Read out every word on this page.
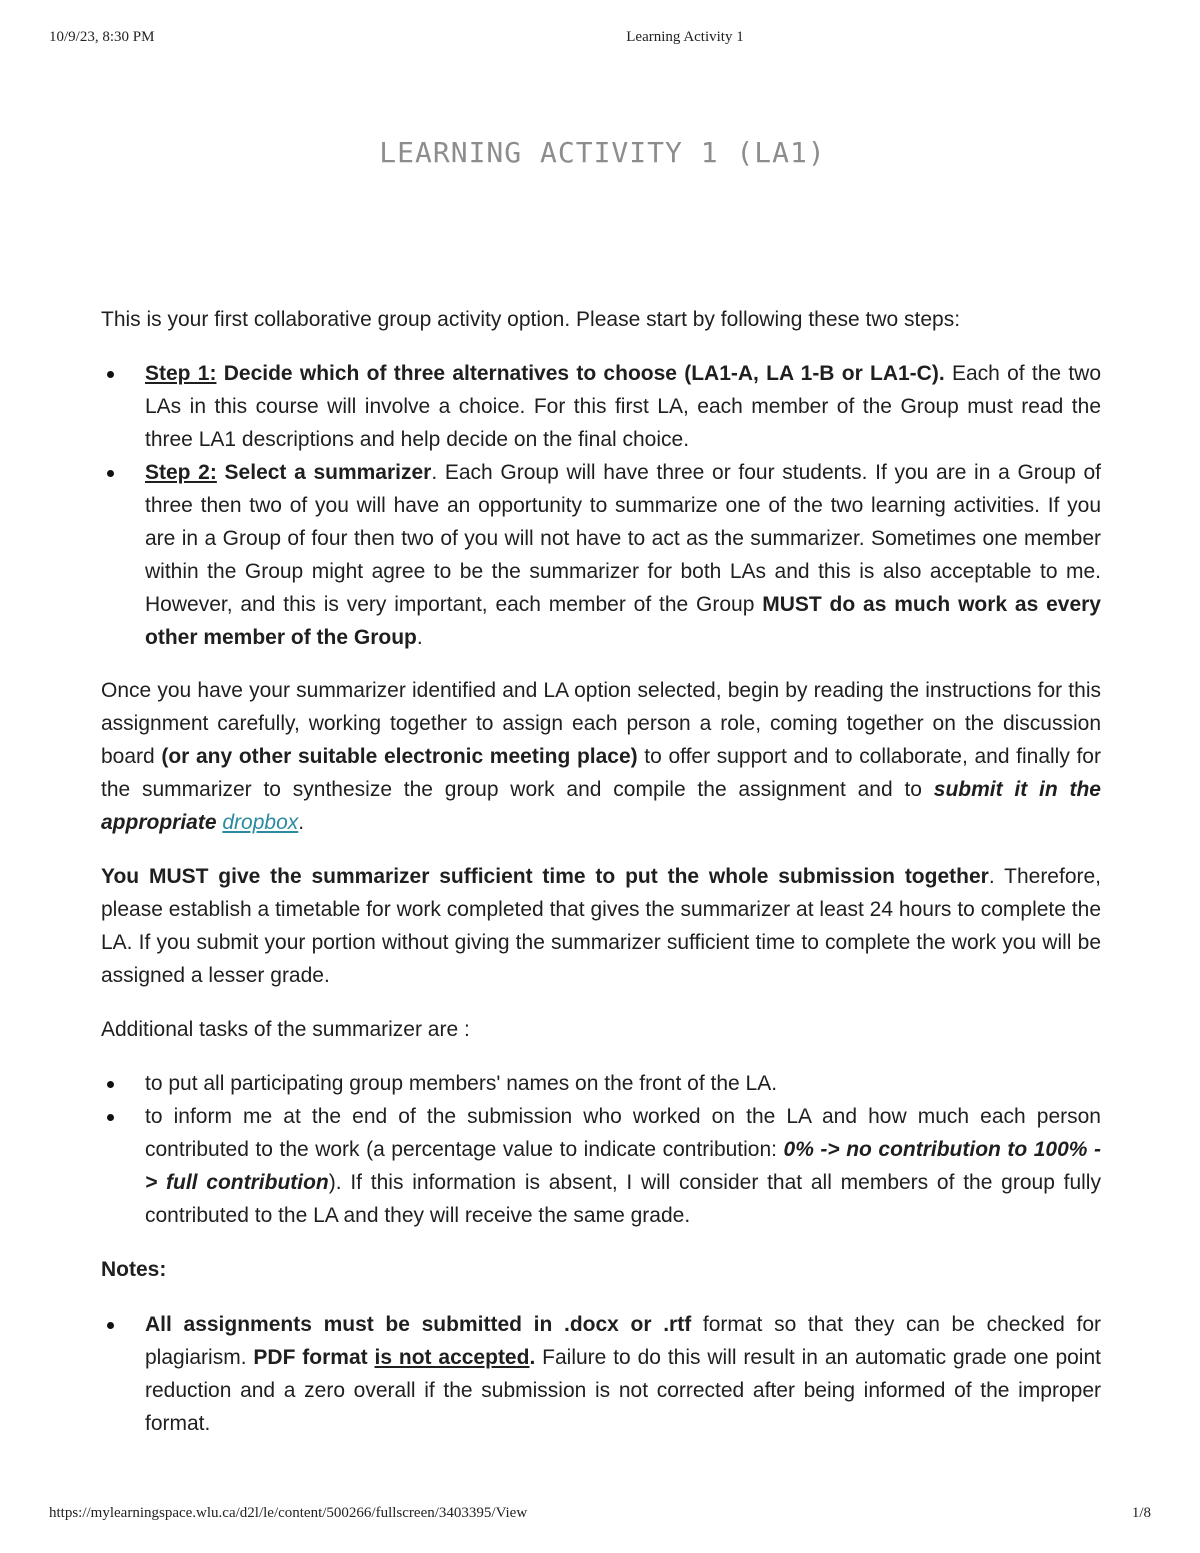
10/9/23, 8:30 PM	Learning Activity 1
LEARNING ACTIVITY 1 (LA1)

This is your first collaborative group activity option. Please start by following these two steps:

Step 1: Decide which of three alternatives to choose (LA1-A, LA 1-B or LA1-C). Each of the two LAs in this course will involve a choice. For this first LA, each member of the Group must read the three LA1 descriptions and help decide on the final choice.
Step 2: Select a summarizer. Each Group will have three or four students. If you are in a Group of three then two of you will have an opportunity to summarize one of the two learning activities. If you are in a Group of four then two of you will not have to act as the summarizer. Sometimes one member within the Group might agree to be the summarizer for both LAs and this is also acceptable to me. However, and this is very important, each member of the Group MUST do as much work as every other member of the Group.

Once you have your summarizer identified and LA option selected, begin by reading the instructions for this assignment carefully, working together to assign each person a role, coming together on the discussion board (or any other suitable electronic meeting place) to offer support and to collaborate, and finally for the summarizer to synthesize the group work and compile the assignment and to submit it in the appropriate dropbox.

You MUST give the summarizer sufficient time to put the whole submission together. Therefore, please establish a timetable for work completed that gives the summarizer at least 24 hours to complete the LA. If you submit your portion without giving the summarizer sufficient time to complete the work you will be assigned a lesser grade.

Additional tasks of the summarizer are :

to put all participating group members' names on the front of the LA.
to inform me at the end of the submission who worked on the LA and how much each person contributed to the work (a percentage value to indicate contribution: 0% -> no contribution to 100% -> full contribution). If this information is absent, I will consider that all members of the group fully contributed to the LA and they will receive the same grade.

Notes:

All assignments must be submitted in .docx or .rtf format so that they can be checked for plagiarism. PDF format is not accepted. Failure to do this will result in an automatic grade one point reduction and a zero overall if the submission is not corrected after being informed of the improper format.
https://mylearningspace.wlu.ca/d2l/le/content/500266/fullscreen/3403395/View	1/8
